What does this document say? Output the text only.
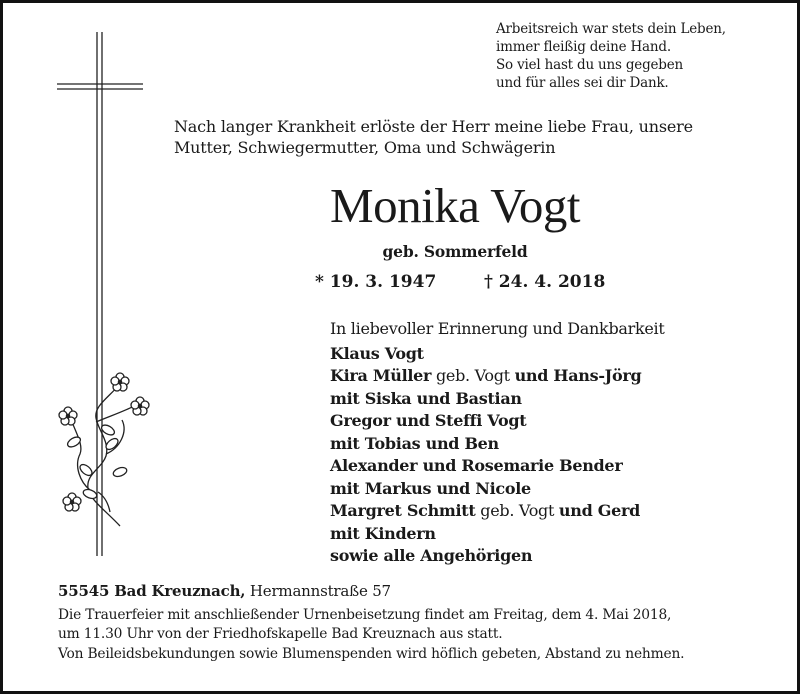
Arbeitsreich war stets dein Leben,
immer fleißig deine Hand.
So viel hast du uns gegeben
und für alles sei dir Dank.
Nach langer Krankheit erlöste der Herr meine liebe Frau, unsere
Mutter, Schwiegermutter, Oma und Schwägerin
Monika Vogt
geb. Sommerfeld
* 19. 3. 1947	† 24. 4. 2018
In liebevoller Erinnerung und Dankbarkeit
Klaus Vogt
Kira Müller geb. Vogt und Hans-Jörg
mit Siska und Bastian
Gregor und Steffi Vogt
mit Tobias und Ben
Alexander und Rosemarie Bender
mit Markus und Nicole
Margret Schmitt geb. Vogt und Gerd
mit Kindern
sowie alle Angehörigen
55545 Bad Kreuznach, Hermannstraße 57
Die Trauerfeier mit anschließender Urnenbeisetzung findet am Freitag, dem 4. Mai 2018,
um 11.30 Uhr von der Friedhofskapelle Bad Kreuznach aus statt.
Von Beileidsbekundungen sowie Blumenspenden wird höflich gebeten, Abstand zu nehmen.
